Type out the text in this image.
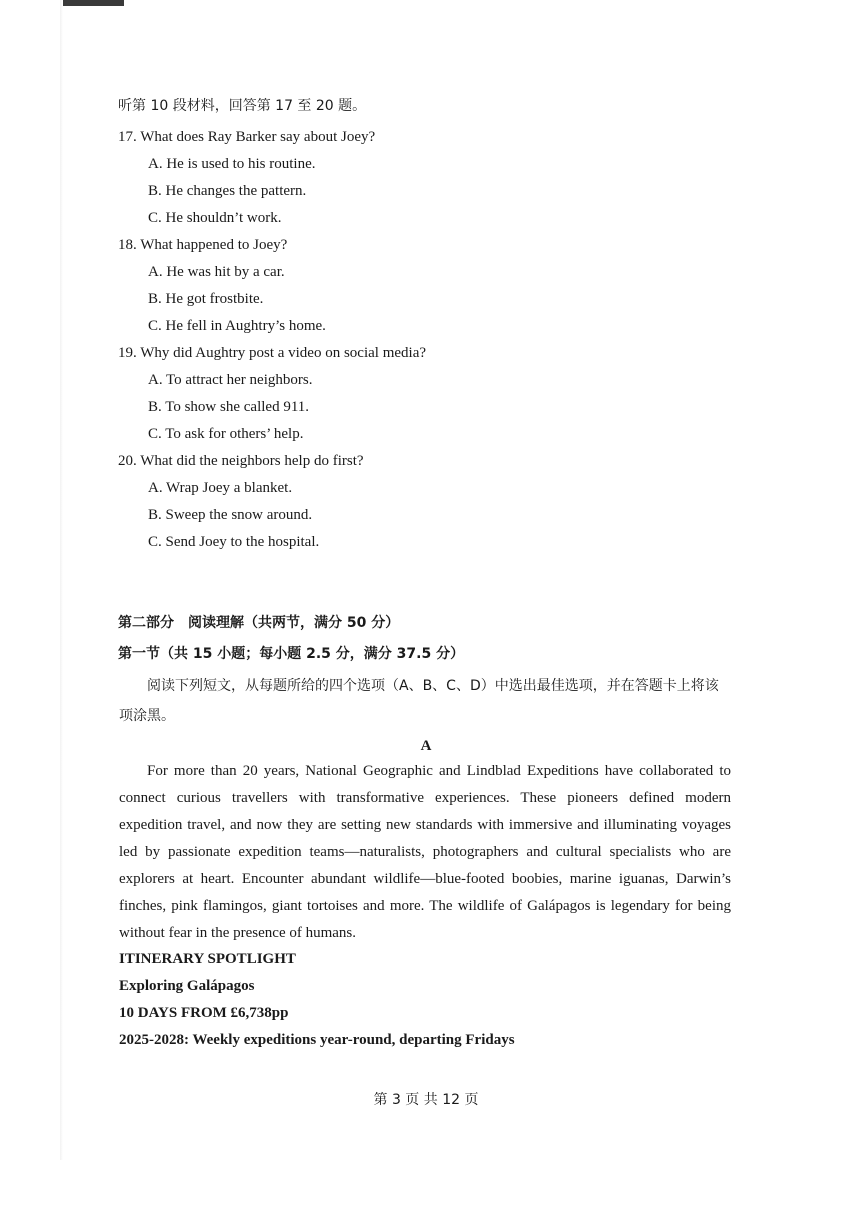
听第 10 段材料，回答第 17 至 20 题。
17. What does Ray Barker say about Joey?
A. He is used to his routine.
B. He changes the pattern.
C. He shouldn’t work.
18. What happened to Joey?
A. He was hit by a car.
B. He got frostbite.
C. He fell in Aughtry’s home.
19. Why did Aughtry post a video on social media?
A. To attract her neighbors.
B. To show she called 911.
C. To ask for others’ help.
20. What did the neighbors help do first?
A. Wrap Joey a blanket.
B. Sweep the snow around.
C. Send Joey to the hospital.
第二部分　阅读理解（共两节，满分 50 分）
第一节（共 15 小题；每小题 2.5 分，满分 37.5 分）
阅读下列短文，从每题所给的四个选项（A、B、C、D）中选出最佳选项，并在答题卡上将该项涂黑。
A
For more than 20 years, National Geographic and Lindblad Expeditions have collaborated to connect curious travellers with transformative experiences. These pioneers defined modern expedition travel, and now they are setting new standards with immersive and illuminating voyages led by passionate expedition teams—naturalists, photographers and cultural specialists who are explorers at heart. Encounter abundant wildlife—blue-footed boobies, marine iguanas, Darwin’s finches, pink flamingos, giant tortoises and more. The wildlife of Galápagos is legendary for being without fear in the presence of humans.
ITINERARY SPOTLIGHT
Exploring Galápagos
10 DAYS FROM £6,738pp
2025-2028: Weekly expeditions year-round, departing Fridays
第 3 页 共 12 页
